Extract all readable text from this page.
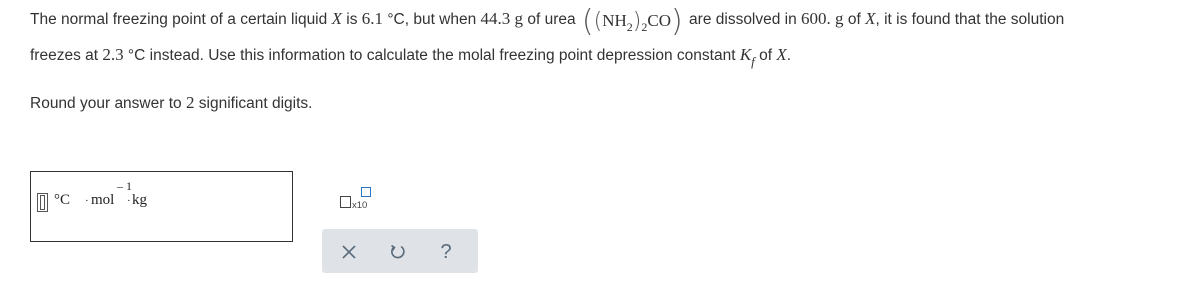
The normal freezing point of a certain liquid X is 6.1 °C, but when 44.3 g of urea $((NH_2)_2CO)$ are dissolved in 600. g of X, it is found that the solution
freezes at 2.3 °C instead. Use this information to calculate the molal freezing point depression constant $K_f$ of X.
Round your answer to 2 significant digits.
°C · mol
– 1
· kg	x10
?
